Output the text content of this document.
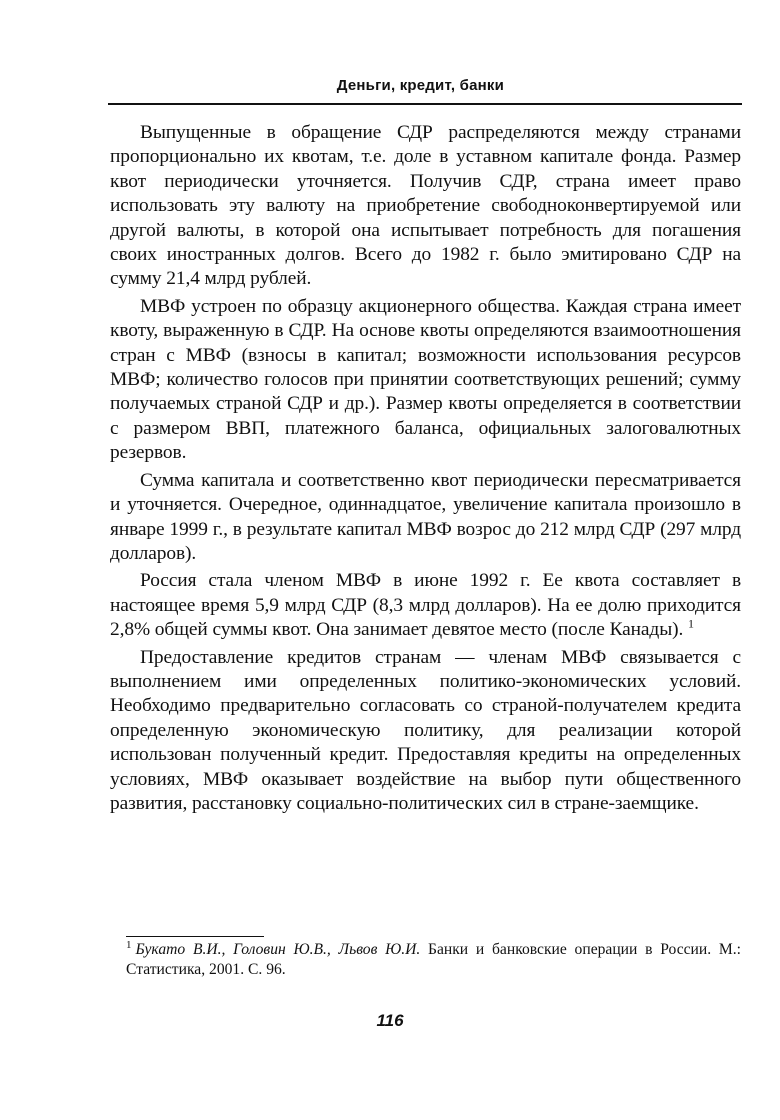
Деньги, кредит, банки

Выпущенные в обращение СДР распределяются между странами пропорционально их квотам, т.е. доле в уставном капитале фонда. Размер квот периодически уточняется. Получив СДР, страна имеет право использовать эту валюту на приобретение свободноконвертируемой или другой валюты, в которой она испытывает потребность для погашения своих иностранных долгов. Всего до 1982 г. было эмитировано СДР на сумму 21,4 млрд рублей.

МВФ устроен по образцу акционерного общества. Каждая страна имеет квоту, выраженную в СДР. На основе квоты определяются взаимоотношения стран с МВФ (взносы в капитал; возможности использования ресурсов МВФ; количество голосов при принятии соответствующих решений; сумму получаемых страной СДР и др.). Размер квоты определяется в соответствии с размером ВВП, платежного баланса, официальных залоговалютных резервов.

Сумма капитала и соответственно квот периодически пересматривается и уточняется. Очередное, одиннадцатое, увеличение капитала произошло в январе 1999 г., в результате капитал МВФ возрос до 212 млрд СДР (297 млрд долларов).

Россия стала членом МВФ в июне 1992 г. Ее квота составляет в настоящее время 5,9 млрд СДР (8,3 млрд долларов). На ее долю приходится 2,8% общей суммы квот. Она занимает девятое место (после Канады). $^1$

Предоставление кредитов странам — членам МВФ связывается с выполнением ими определенных политико-экономических условий. Необходимо предварительно согласовать со страной-получателем кредита определенную экономическую политику, для реализации которой использован полученный кредит. Предоставляя кредиты на определенных условиях, МВФ оказывает воздействие на выбор пути общественного развития, расстановку социально-политических сил в стране-заемщике.

$^1$ Букато В.И., Головин Ю.В., Львов Ю.И. Банки и банковские операции в России. М.: Статистика, 2001. С. 96.
116
